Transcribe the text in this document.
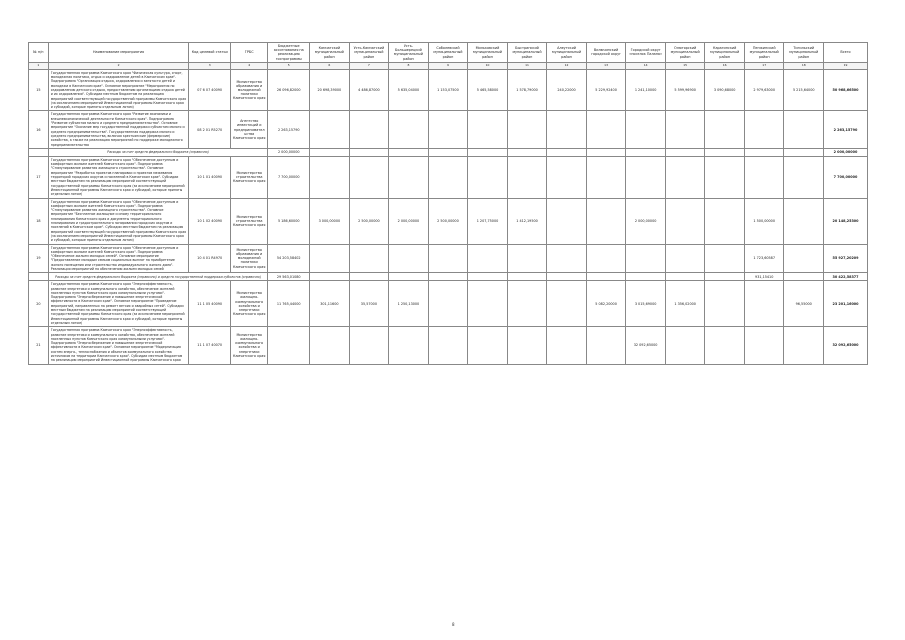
№ п/п	Наименование мероприятия	Код целевой статьи	ГРБС	Бюджетные ассигнования на реализацию госпрограммы	Камчатский муниципальный район	Усть-Камчатский муниципальный район	Усть-Большерецкий муниципальный район	Соболевский муниципальный район	Мильковский муниципальный район	Быстринский муниципальный район	Алеутский муниципальный район	Вилючинский городской округ	Городской округ «поселок Палана»	Олюторский муниципальный район	Карагинский муниципальный район	Пенжинский муниципальный район	Тигильский муниципальный район	Всего
1	2	3	4	5	6	7	8	9	10	11	12	13	14	15	16	17	18	19
15	Государственная программа Камчатского края "Физическая культура, спорт, молодежная политика, отдых и оздоровление детей в Камчатском крае". Подпрограмма "Организация отдыха, оздоровления и занятости детей и молодежи в Камчатском крае". Основное мероприятие "Мероприятия по оздоровлению детского отдыха, предоставлению организациям отдыха детей и их оздоровления". Субсидии местным бюджетам на реализацию мероприятий соответствующей государственной программы Камчатского края (за исключением мероприятий Инвестиционной программы Камчатского края и субсидий, которые приняты отдельным лотом)	07 6 07 40090	Министерство образования и молодежной политики Камчатского края	26 096,82000	20 698,39000	4 486,87000	5 635,04000	1 153,07500	5 465,58000	1 578,79000	240,22000	5 229,92400	1 241,10000	5 599,96900	3 090,68000	2 979,63000	5 215,64000	50 968,66500
16	Государственная программа Камчатского края "Развитие экономики и внешнеэкономической деятельности Камчатского края". Подпрограмма "Развитие субъектов малого и среднего предпринимательства". Основное мероприятие "Оказание мер государственной поддержки субъектам малого и среднего предпринимательства". Государственная поддержка малого и среднего предпринимательства, включая крестьянские (фермерские) хозяйства, а также на реализацию мероприятий по поддержке молодежного предпринимательства	08 2 01 R5270	Агентство инвестиций и предпринимательства Камчатского края	2 263,15790														2 263,15790
	Расходы за счет средств федерального бюджета (справочно)			2 000,00000														2 000,00000
17	Государственная программа Камчатского края "Обеспечение доступным и комфортным жильем жителей Камчатского края". Подпрограмма "Стимулирование развития жилищного строительства". Основное мероприятие "Разработка проектов планировки и проектов межевания территорий городских округов и поселений в Камчатском крае". Субсидии местным бюджетам на реализацию мероприятий соответствующей государственной программы Камчатского края (за исключением мероприятий Инвестиционной программы Камчатского края и субсидий, которые приняты отдельным лотом)	10 1 01 40090	Министерство строительства Камчатского края	7 700,00000														7 700,00000
18	Государственная программа Камчатского края "Обеспечение доступным и комфортным жильем жителей Камчатского края". Подпрограмма "Стимулирование развития жилищного строительства". Основное мероприятие "Бесплатное жилищное и иному территориального планирования Камчатского края и документы территориального планирования и градостроительного зонирования городских округов и поселений в Камчатском крае". Субсидии местным бюджетам на реализацию мероприятий соответствующей государственной программы Камчатского края (за исключением мероприятий Инвестиционной программы Камчатского края и субсидий, которые приняты отдельным лотом)	10 1 02 40090	Министерство строительства Камчатского края	5 186,60000	3 000,00000	2 500,00000	2 000,00000	2 500,00000	1 207,75000	1 412,19500			2 000,00000			1 500,00000		20 148,25300
19	Государственная программа Камчатского края "Обеспечение доступным и комфортным жильем жителей Камчатского края". Подпрограмма "Обеспечение жильем молодых семей". Основное мероприятие "Предоставление молодым семьям социальных выплат на приобретение жилого помещения или строительство индивидуального жилого дома". Реализация мероприятий по обеспечению жильем молодых семей	10 4 01 R4970	Министерство образования и молодежной политики Камчатского края	54 203,58402												1 723,60587		55 927,20209
	Расходы за счет средств федерального бюджета (справочно) и средств государственной поддержки субъектов (справочно)			29 563,01080												931,15410		30 422,58377
20	Государственная программа Камчатского края "Энергоэффективность, развитие энергетики и коммунального хозяйства, обеспечение жителей населенных пунктов Камчатского края коммунальными услугами". Подпрограмма "Энергосбережение и повышение энергетической эффективности в Камчатском крае". Основное мероприятие "Проведение мероприятий, направленных на ремонт ветхих и аварийных сетей". Субсидии местным бюджетам на реализацию мероприятий соответствующей государственной программы Камчатского края (за исключением мероприятий Инвестиционной программы Камчатского края и субсидий, которые приняты отдельным лотом)	11 1 05 40090	Министерство жилищно-коммунального хозяйства и энергетики Камчатского края	11 765,44000	301,11600	35,57000	1 250,13000					5 082,20000	3 015,69000	1 356,02000			96,55000	23 201,16000
21	Государственная программа Камчатского края "Энергоэффективность, развитие энергетики и коммунального хозяйства, обеспечение жителей населенных пунктов Камчатского края коммунальными услугами". Подпрограмма "Энергосбережение и повышение энергетической эффективности в Камчатском крае". Основное мероприятие "Модернизация систем энерго-, теплоснабжения и объектов коммунального хозяйства источников на территории Камчатского края". Субсидии местным бюджетам на реализацию мероприятий Инвестиционной программы Камчатского края	11 1 07 40070	Министерство жилищно-коммунального хозяйства и энергетики Камчатского края										32 092,65000					32 092,65000
8
